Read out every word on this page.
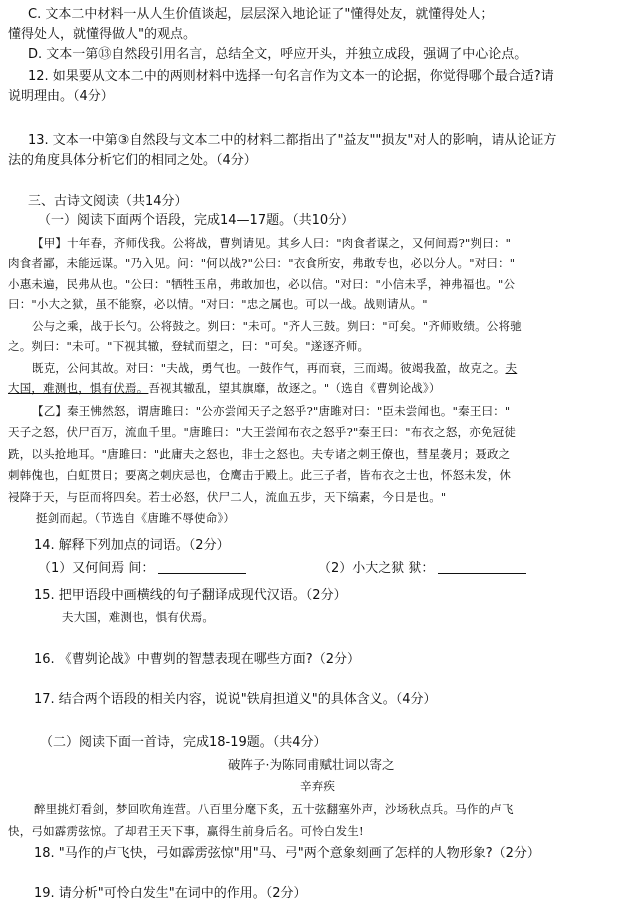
C. 文本二中材料一从人生价值谈起，层层深入地论证了"懂得处友，就懂得处人；
懂得处人，就懂得做人"的观点。
D. 文本一第⑬自然段引用名言，总结全文，呼应开头，并独立成段，强调了中心论点。
12. 如果要从文本二中的两则材料中选择一句名言作为文本一的论据，你觉得哪个最合适?请
说明理由。（4分）
13. 文本一中第③自然段与文本二中的材料二都指出了"益友""损友"对人的影响，请从论证方
法的角度具体分析它们的相同之处。（4分）
三、古诗文阅读（共14分）
（一）阅读下面两个语段，完成14—17题。（共10分）
【甲】十年春，齐师伐我。公将战，曹刿请见。其乡人曰："肉食者谋之，又何间焉?"刿曰："
肉食者鄙，未能远谋。"乃入见。问："何以战?"公曰："衣食所安，弗敢专也，必以分人。"对曰："
小惠未遍，民弗从也。"公曰："牺牲玉帛，弗敢加也，必以信。"对曰："小信未孚，神弗福也。"公
曰："小大之狱，虽不能察，必以情。"对曰："忠之属也。可以一战。战则请从。"
公与之乘，战于长勺。公将鼓之。刿曰："未可。"齐人三鼓。刿曰："可矣。"齐师败绩。公将驰
之。刿曰："未可。"下视其辙，登轼而望之，曰："可矣。"遂逐齐师。
既克，公问其故。对曰："夫战，勇气也。一鼓作气，再而衰，三而竭。彼竭我盈，故克之。夫
大国，难测也，惧有伏焉。吾视其辙乱，望其旗靡，故逐之。"（选自《曹刿论战》）
【乙】秦王怫然怒，谓唐雎曰："公亦尝闻天子之怒乎?"唐雎对曰："臣未尝闻也。"秦王曰："
天子之怒，伏尸百万，流血千里。"唐雎曰："大王尝闻布衣之怒乎?"秦王曰："布衣之怒，亦免冠徒
跣，以头抢地耳。"唐雎曰："此庸夫之怒也，非士之怒也。夫专诸之刺王僚也，彗星袭月；聂政之
刺韩傀也，白虹贯日；要离之刺庆忌也，仓鹰击于殿上。此三子者，皆布衣之士也，怀怒未发，休
祲降于天，与臣而将四矣。若士必怒，伏尸二人，流血五步，天下缟素，今日是也。"
挺剑而起。（节选自《唐雎不辱使命》）
14. 解释下列加点的词语。（2分）
（1）又何间焉 间：	（2）小大之狱 狱：
15. 把甲语段中画横线的句子翻译成现代汉语。（2分）
夫大国，难测也，惧有伏焉。
16. 《曹刿论战》中曹刿的智慧表现在哪些方面?（2分）
17. 结合两个语段的相关内容，说说"铁肩担道义"的具体含义。（4分）
（二）阅读下面一首诗，完成18-19题。（共4分）
破阵子·为陈同甫赋壮词以寄之
辛弃疾
醉里挑灯看剑，梦回吹角连营。八百里分麾下炙，五十弦翻塞外声，沙场秋点兵。马作的卢飞
快，弓如霹雳弦惊。了却君王天下事，赢得生前身后名。可怜白发生!
18. "马作的卢飞快，弓如霹雳弦惊"用"马、弓"两个意象刻画了怎样的人物形象?（2分）
19. 请分析"可怜白发生"在词中的作用。（2分）
